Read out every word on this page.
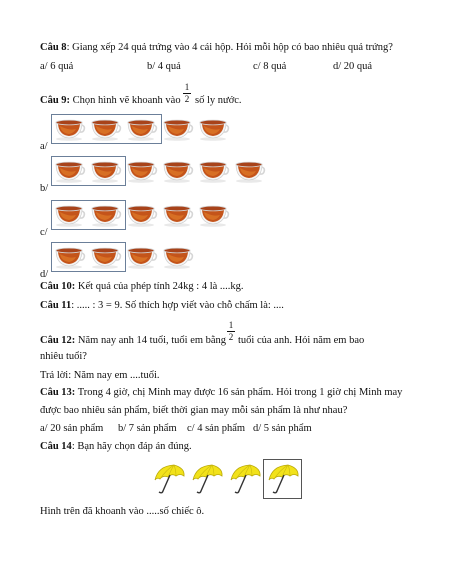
Câu 8: Giang xếp 24 quả trứng vào 4 cái hộp. Hỏi mỗi hộp có bao nhiêu quả trứng?
a/ 6 quả	b/ 4 quả	c/ 8 quả	d/ 20 quả
Câu 9: Chọn hình vẽ khoanh vào
1
2 số ly nước.
a/
b/
c/
d/
Câu 10: Kết quả của phép tính 24kg : 4 là ....kg.
Câu 11: ..... : 3 = 9. Số thích hợp viết vào chỗ chấm là: ....
Câu 12: Năm nay anh 14 tuổi, tuổi em bằng
1
2 tuổi của anh. Hỏi năm em bao
nhiêu tuổi?
Trả lời: Năm nay em ....tuổi.
Câu 13: Trong 4 giờ, chị Minh may được 16 sản phẩm. Hỏi trong 1 giờ chị Minh may
được bao nhiêu sản phẩm, biết thời gian may mỗi sản phẩm là như nhau?
a/ 20 sản phẩm b/ 7 sản phẩm c/ 4 sản phẩm d/ 5 sản phẩm
Câu 14: Bạn hãy chọn đáp án đúng.
Hình trên đã khoanh vào .....số chiếc ô.
